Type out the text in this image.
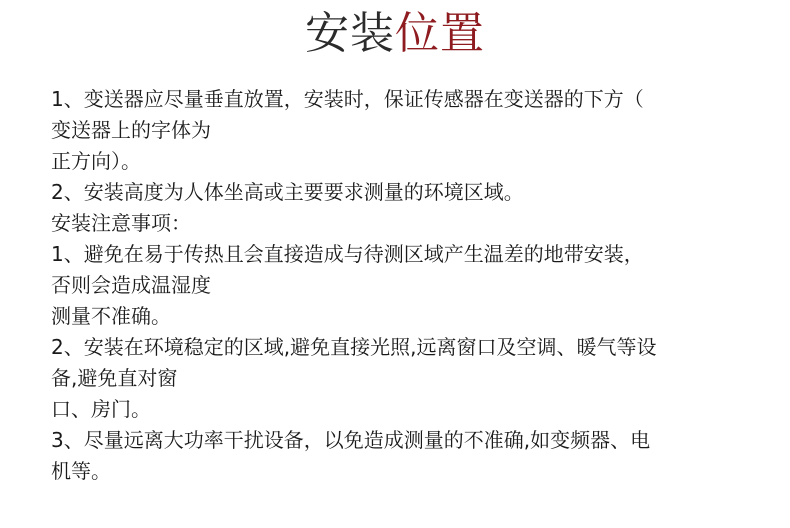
安装位置
1、变送器应尽量垂直放置，安装时，保证传感器在变送器的下方（
变送器上的字体为
正方向）。
2、安装高度为人体坐高或主要要求测量的环境区域。
安装注意事项：
1、避免在易于传热且会直接造成与待测区域产生温差的地带安装，
否则会造成温湿度
测量不准确。
2、安装在环境稳定的区域,避免直接光照,远离窗口及空调、暖气等设
备,避免直对窗
口、房门。
3、尽量远离大功率干扰设备，以免造成测量的不准确,如变频器、电
机等。
